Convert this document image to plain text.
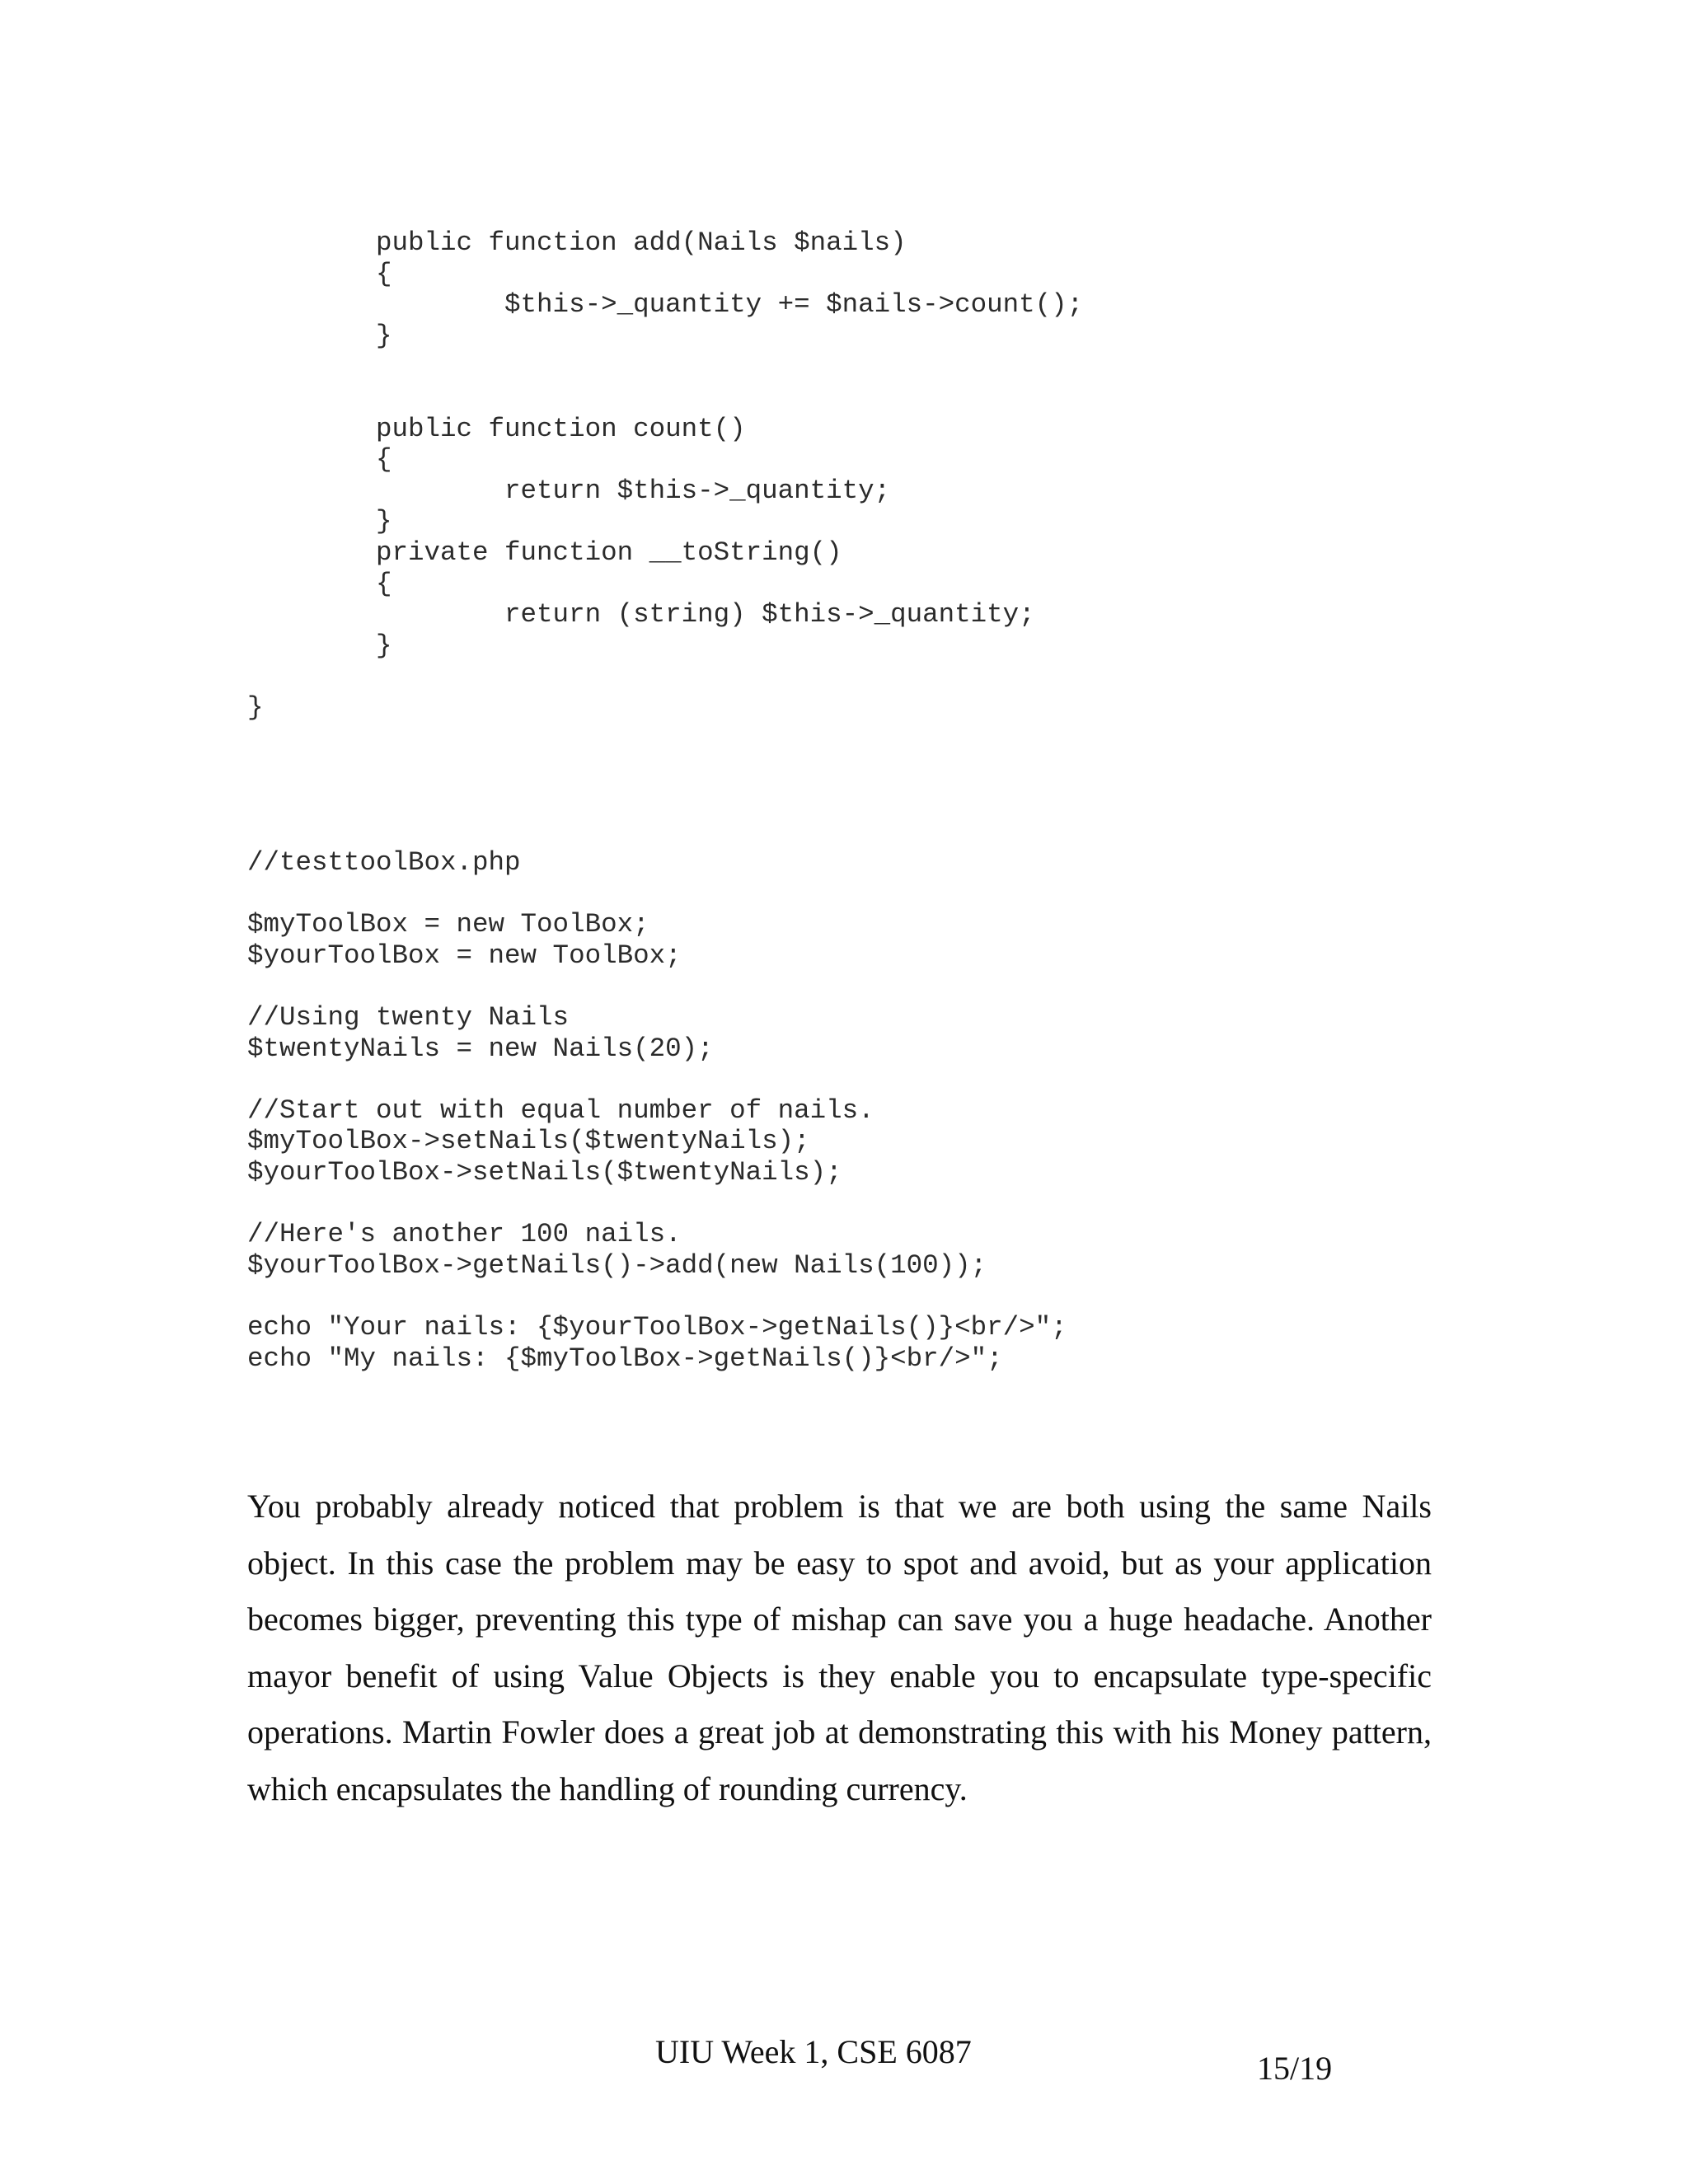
public function add(Nails $nails)
{
$this->_quantity += $nails->count();
}
public function count()
{
return $this->_quantity;
}
private function __toString()
{
return (string) $this->_quantity;
}
}
//testtoolBox.php
$myToolBox = new ToolBox;
$yourToolBox = new ToolBox;
//Using twenty Nails
$twentyNails = new Nails(20);
//Start out with equal number of nails.
$myToolBox->setNails($twentyNails);
$yourToolBox->setNails($twentyNails);
//Here's another 100 nails.
$yourToolBox->getNails()->add(new Nails(100));
echo "Your nails: {$yourToolBox->getNails()}<br/>";
echo "My nails: {$myToolBox->getNails()}<br/>";

You probably already noticed that problem is that we are both using the same Nails object. In this case the problem may be easy to spot and avoid, but as your application becomes bigger, preventing this type of mishap can save you a huge headache. Another mayor benefit of using Value Objects is they enable you to encapsulate type-specific operations. Martin Fowler does a great job at demonstrating this with his Money pattern, which encapsulates the handling of rounding currency.

UIU Week 1, CSE 6087	15/19
